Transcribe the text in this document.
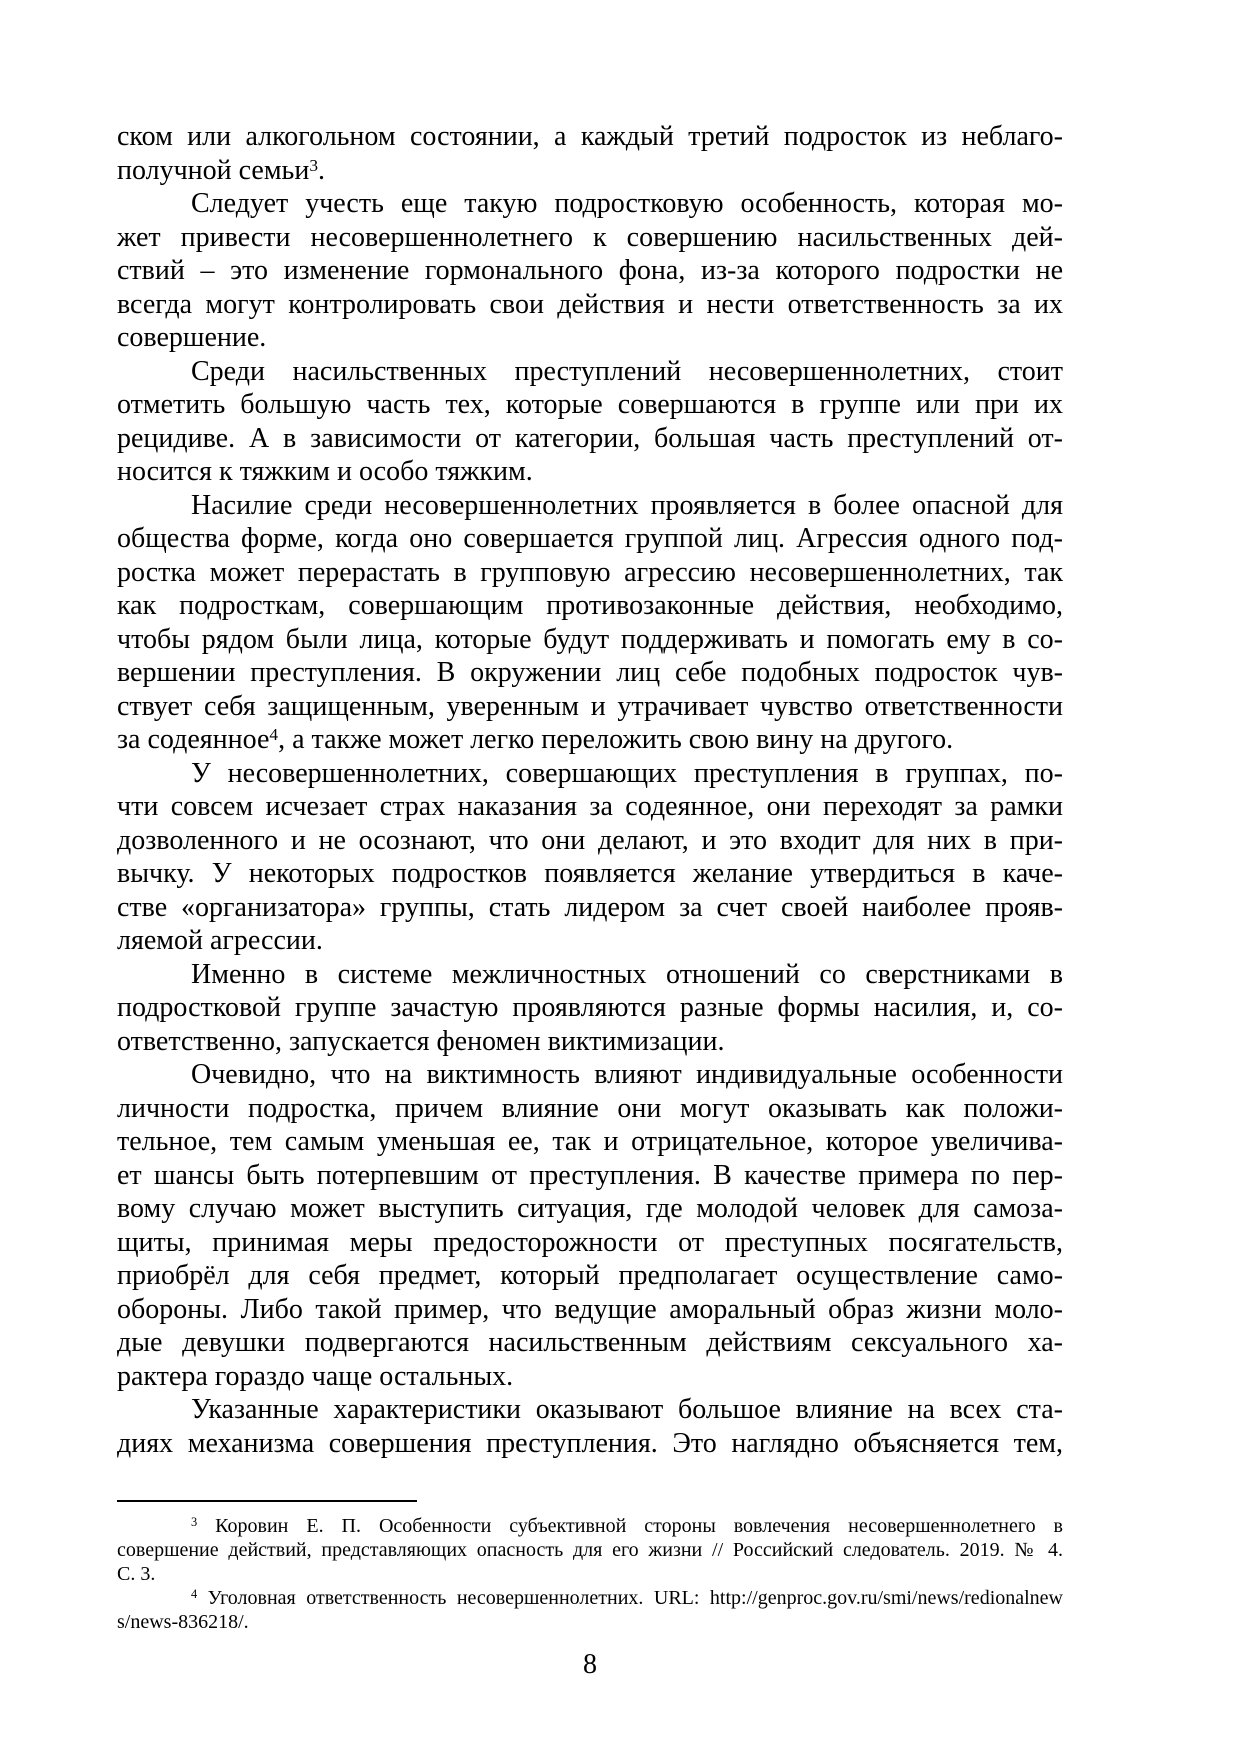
ском или алкогольном состоянии, а каждый третий подросток из неблаго-
получной семьи$^3$.
Следует учесть еще такую подростковую особенность, которая мо-
жет привести несовершеннолетнего к совершению насильственных дей-
ствий – это изменение гормонального фона, из-за которого подростки не
всегда могут контролировать свои действия и нести ответственность за их
совершение.
Среди насильственных преступлений несовершеннолетних, стоит
отметить большую часть тех, которые совершаются в группе или при их
рецидиве. А в зависимости от категории, большая часть преступлений от-
носится к тяжким и особо тяжким.
Насилие среди несовершеннолетних проявляется в более опасной для
общества форме, когда оно совершается группой лиц. Агрессия одного под-
ростка может перерастать в групповую агрессию несовершеннолетних, так
как подросткам, совершающим противозаконные действия, необходимо,
чтобы рядом были лица, которые будут поддерживать и помогать ему в со-
вершении преступления. В окружении лиц себе подобных подросток чув-
ствует себя защищенным, уверенным и утрачивает чувство ответственности
за содеянное$^4$, а также может легко переложить свою вину на другого.
У несовершеннолетних, совершающих преступления в группах, по-
чти совсем исчезает страх наказания за содеянное, они переходят за рамки
дозволенного и не осознают, что они делают, и это входит для них в при-
вычку. У некоторых подростков появляется желание утвердиться в каче-
стве «организатора» группы, стать лидером за счет своей наиболее прояв-
ляемой агрессии.
Именно в системе межличностных отношений со сверстниками в
подростковой группе зачастую проявляются разные формы насилия, и, со-
ответственно, запускается феномен виктимизации.
Очевидно, что на виктимность влияют индивидуальные особенности
личности подростка, причем влияние они могут оказывать как положи-
тельное, тем самым уменьшая ее, так и отрицательное, которое увеличива-
ет шансы быть потерпевшим от преступления. В качестве примера по пер-
вому случаю может выступить ситуация, где молодой человек для самоза-
щиты, принимая меры предосторожности от преступных посягательств,
приобрёл для себя предмет, который предполагает осуществление само-
обороны. Либо такой пример, что ведущие аморальный образ жизни моло-
дые девушки подвергаются насильственным действиям сексуального ха-
рактера гораздо чаще остальных.
Указанные характеристики оказывают большое влияние на всех ста-
диях механизма совершения преступления. Это наглядно объясняется тем,
$^3$ Коровин Е. П. Особенности субъективной стороны вовлечения несовершеннолетнего в
совершение действий, представляющих опасность для его жизни // Российский следователь. 2019. № 4.
С. 3.
$^4$ Уголовная ответственность несовершеннолетних. URL: http://genproc.gov.ru/smi/news/redionalnew
s/news-836218/.
8
